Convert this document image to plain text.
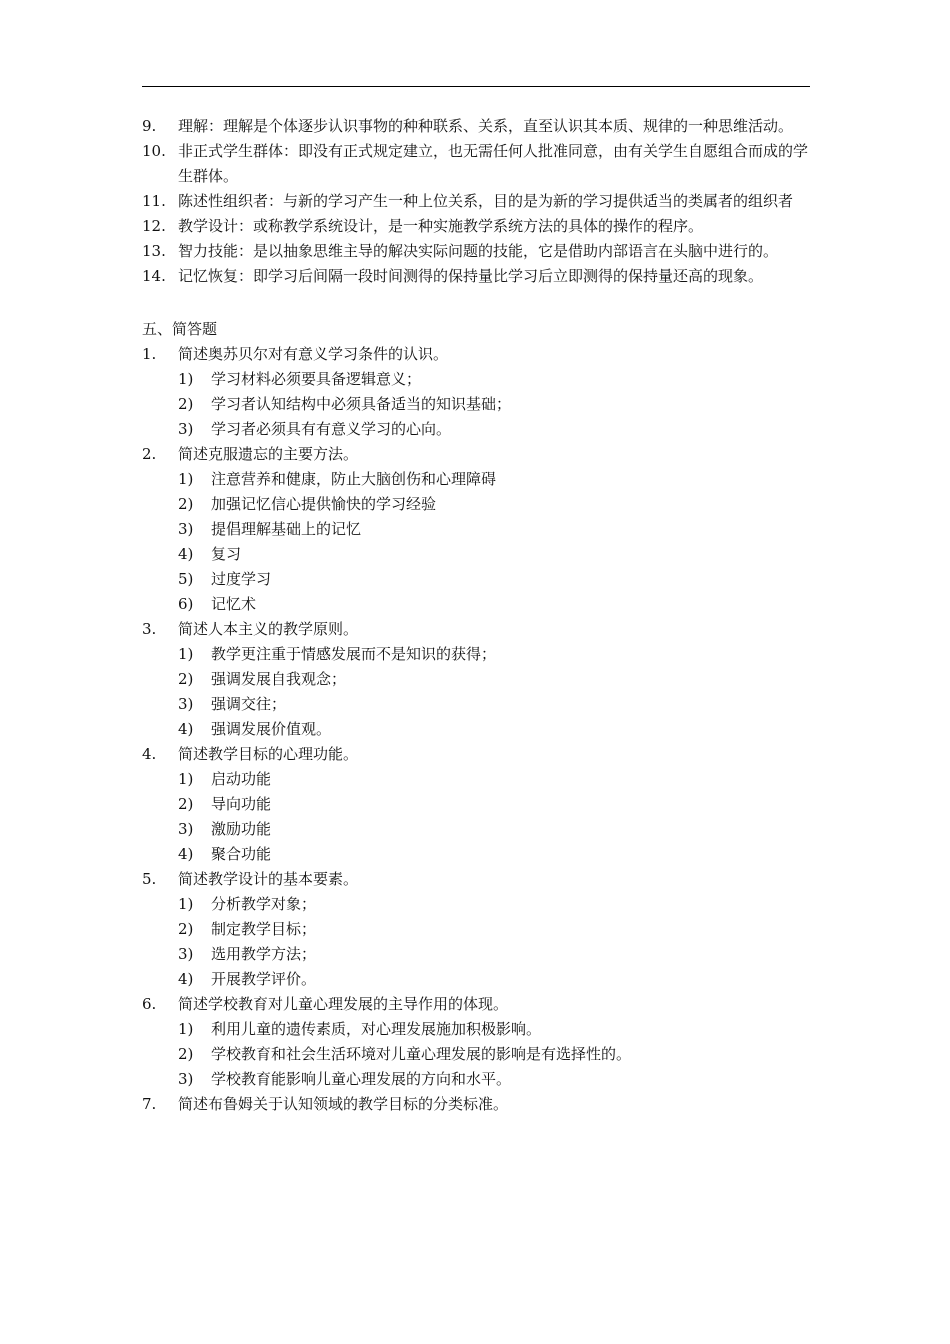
9.	理解：理解是个体逐步认识事物的种种联系、关系，直至认识其本质、规律的一种思维活动。
10. 非正式学生群体：即没有正式规定建立，也无需任何人批准同意，由有关学生自愿组合而成的学生群体。
11. 陈述性组织者：与新的学习产生一种上位关系，目的是为新的学习提供适当的类属者的组织者
12. 教学设计：或称教学系统设计，是一种实施教学系统方法的具体的操作的程序。
13. 智力技能：是以抽象思维主导的解决实际问题的技能，它是借助内部语言在头脑中进行的。
14. 记忆恢复：即学习后间隔一段时间测得的保持量比学习后立即测得的保持量还高的现象。
五、简答题
1.	简述奥苏贝尔对有意义学习条件的认识。
1)	学习材料必须要具备逻辑意义；
2)	学习者认知结构中必须具备适当的知识基础；
3)	学习者必须具有有意义学习的心向。
2.	简述克服遗忘的主要方法。
1)	注意营养和健康，防止大脑创伤和心理障碍
2)	加强记忆信心提供愉快的学习经验
3)	提倡理解基础上的记忆
4)	复习
5)	过度学习
6)	记忆术
3.	简述人本主义的教学原则。
1)	教学更注重于情感发展而不是知识的获得；
2)	强调发展自我观念；
3)	强调交往；
4)	强调发展价值观。
4.	简述教学目标的心理功能。
1)	启动功能
2)	导向功能
3)	激励功能
4)	聚合功能
5.	简述教学设计的基本要素。
1)	分析教学对象；
2)	制定教学目标；
3)	选用教学方法；
4)	开展教学评价。
6.	简述学校教育对儿童心理发展的主导作用的体现。
1)	利用儿童的遗传素质，对心理发展施加积极影响。
2)	学校教育和社会生活环境对儿童心理发展的影响是有选择性的。
3)	学校教育能影响儿童心理发展的方向和水平。
7.	简述布鲁姆关于认知领域的教学目标的分类标准。
